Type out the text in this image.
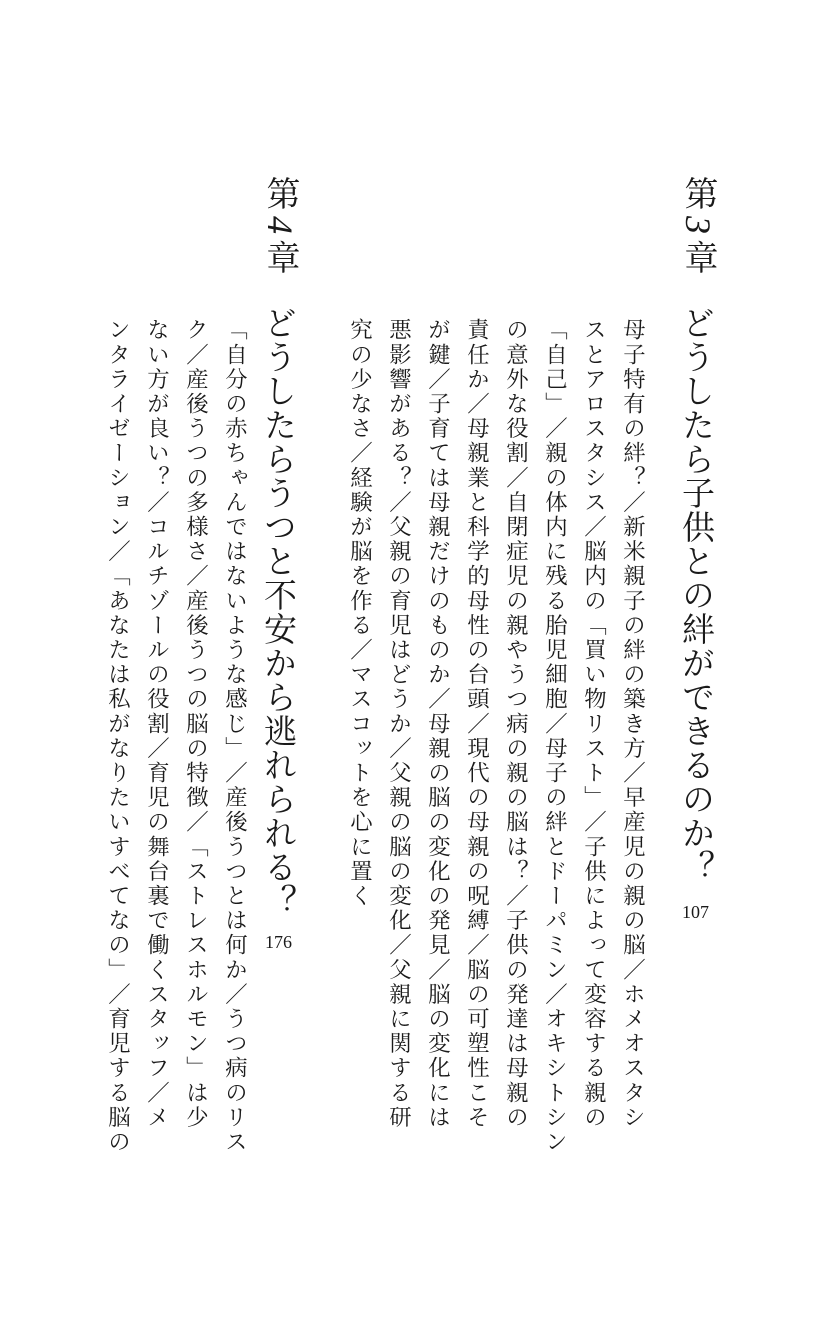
第3章
どうしたら子供との絆ができるのか？
107
母子特有の絆？／新米親子の絆の築き方／早産児の親の脳／ホメオスタシ
スとアロスタシス／脳内の「買い物リスト」／子供によって変容する親の
「自己」／親の体内に残る胎児細胞／母子の絆とドーパミン／オキシトシン
の意外な役割／自閉症児の親やうつ病の親の脳は？／子供の発達は母親の
責任か／母親業と科学的母性の台頭／現代の母親の呪縛／脳の可塑性こそ
が鍵／子育ては母親だけのものか／母親の脳の変化の発見／脳の変化には
悪影響がある？／父親の育児はどうか／父親の脳の変化／父親に関する研
究の少なさ／経験が脳を作る／マスコットを心に置く
第4章
どうしたらうつと不安から逃れられる？
176
「自分の赤ちゃんではないような感じ」／産後うつとは何か／うつ病のリス
ク／産後うつの多様さ／産後うつの脳の特徴／「ストレスホルモン」は少
ない方が良い？／コルチゾールの役割／育児の舞台裏で働くスタッフ／メ
ンタライゼーション／「あなたは私がなりたいすべてなの」／育児する脳の
